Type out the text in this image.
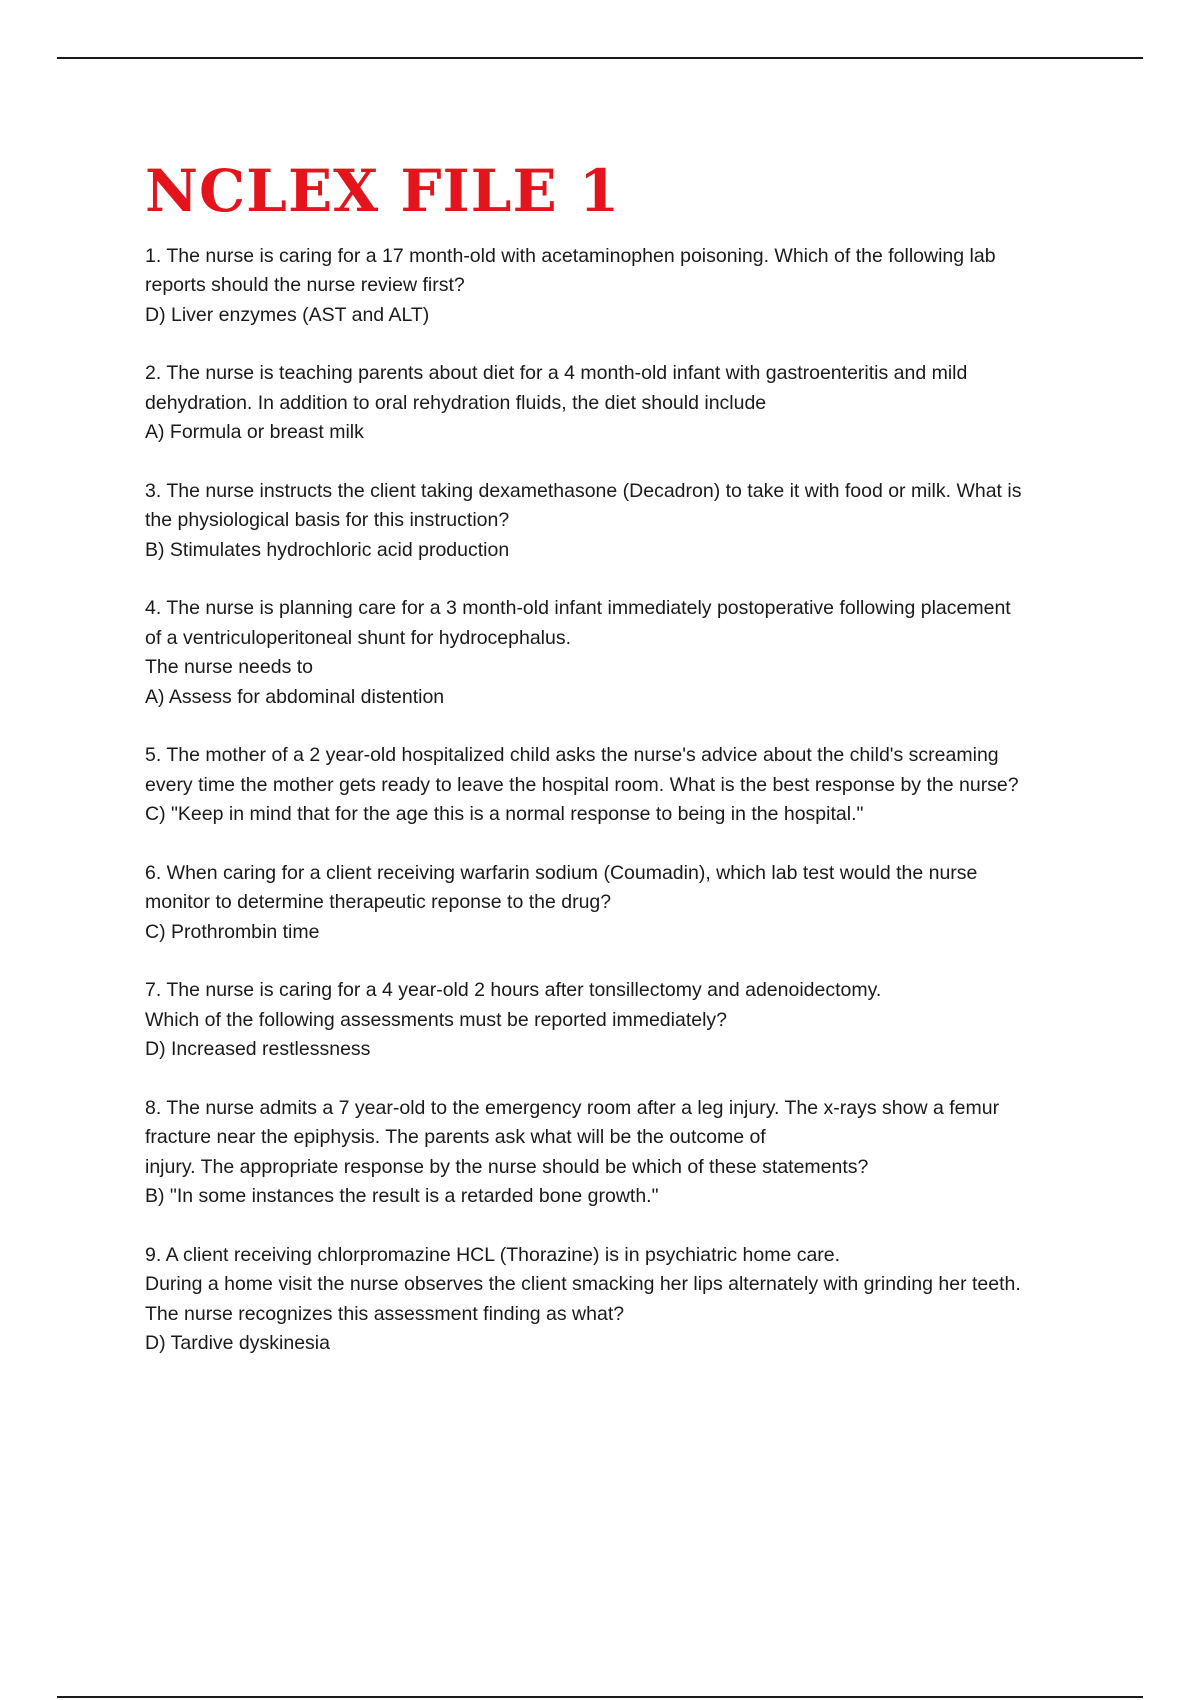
NCLEX FILE 1

1. The nurse is caring for a 17 month-old with acetaminophen poisoning. Which of the following lab
reports should the nurse review first?

D) Liver enzymes (AST and ALT)

2. The nurse is teaching parents about diet for a 4 month-old infant with gastroenteritis and mild
dehydration. In addition to oral rehydration fluids, the diet should include

A) Formula or breast milk

3. The nurse instructs the client taking dexamethasone (Decadron) to take it with food or milk. What is
the physiological basis for this instruction?

B) Stimulates hydrochloric acid production

4. The nurse is planning care for a 3 month-old infant immediately postoperative following placement
of a ventriculoperitoneal shunt for hydrocephalus.
The nurse needs to

A) Assess for abdominal distention

5. The mother of a 2 year-old hospitalized child asks the nurse's advice about the child's screaming
every time the mother gets ready to leave the hospital room. What is the best response by the nurse?

C) "Keep in mind that for the age this is a normal response to being in the hospital."

6. When caring for a client receiving warfarin sodium (Coumadin), which lab test would the nurse
monitor to determine therapeutic reponse to the drug?

C) Prothrombin time

7. The nurse is caring for a 4 year-old 2 hours after tonsillectomy and adenoidectomy.
Which of the following assessments must be reported immediately?

D) Increased restlessness

8. The nurse admits a 7 year-old to the emergency room after a leg injury. The x-rays show a femur
fracture near the epiphysis. The parents ask what will be the outcome of
injury. The appropriate response by the nurse should be which of these statements?

B) "In some instances the result is a retarded bone growth."

9. A client receiving chlorpromazine HCL (Thorazine) is in psychiatric home care.
During a home visit the nurse observes the client smacking her lips alternately with grinding her teeth.
The nurse recognizes this assessment finding as what?

D) Tardive dyskinesia
